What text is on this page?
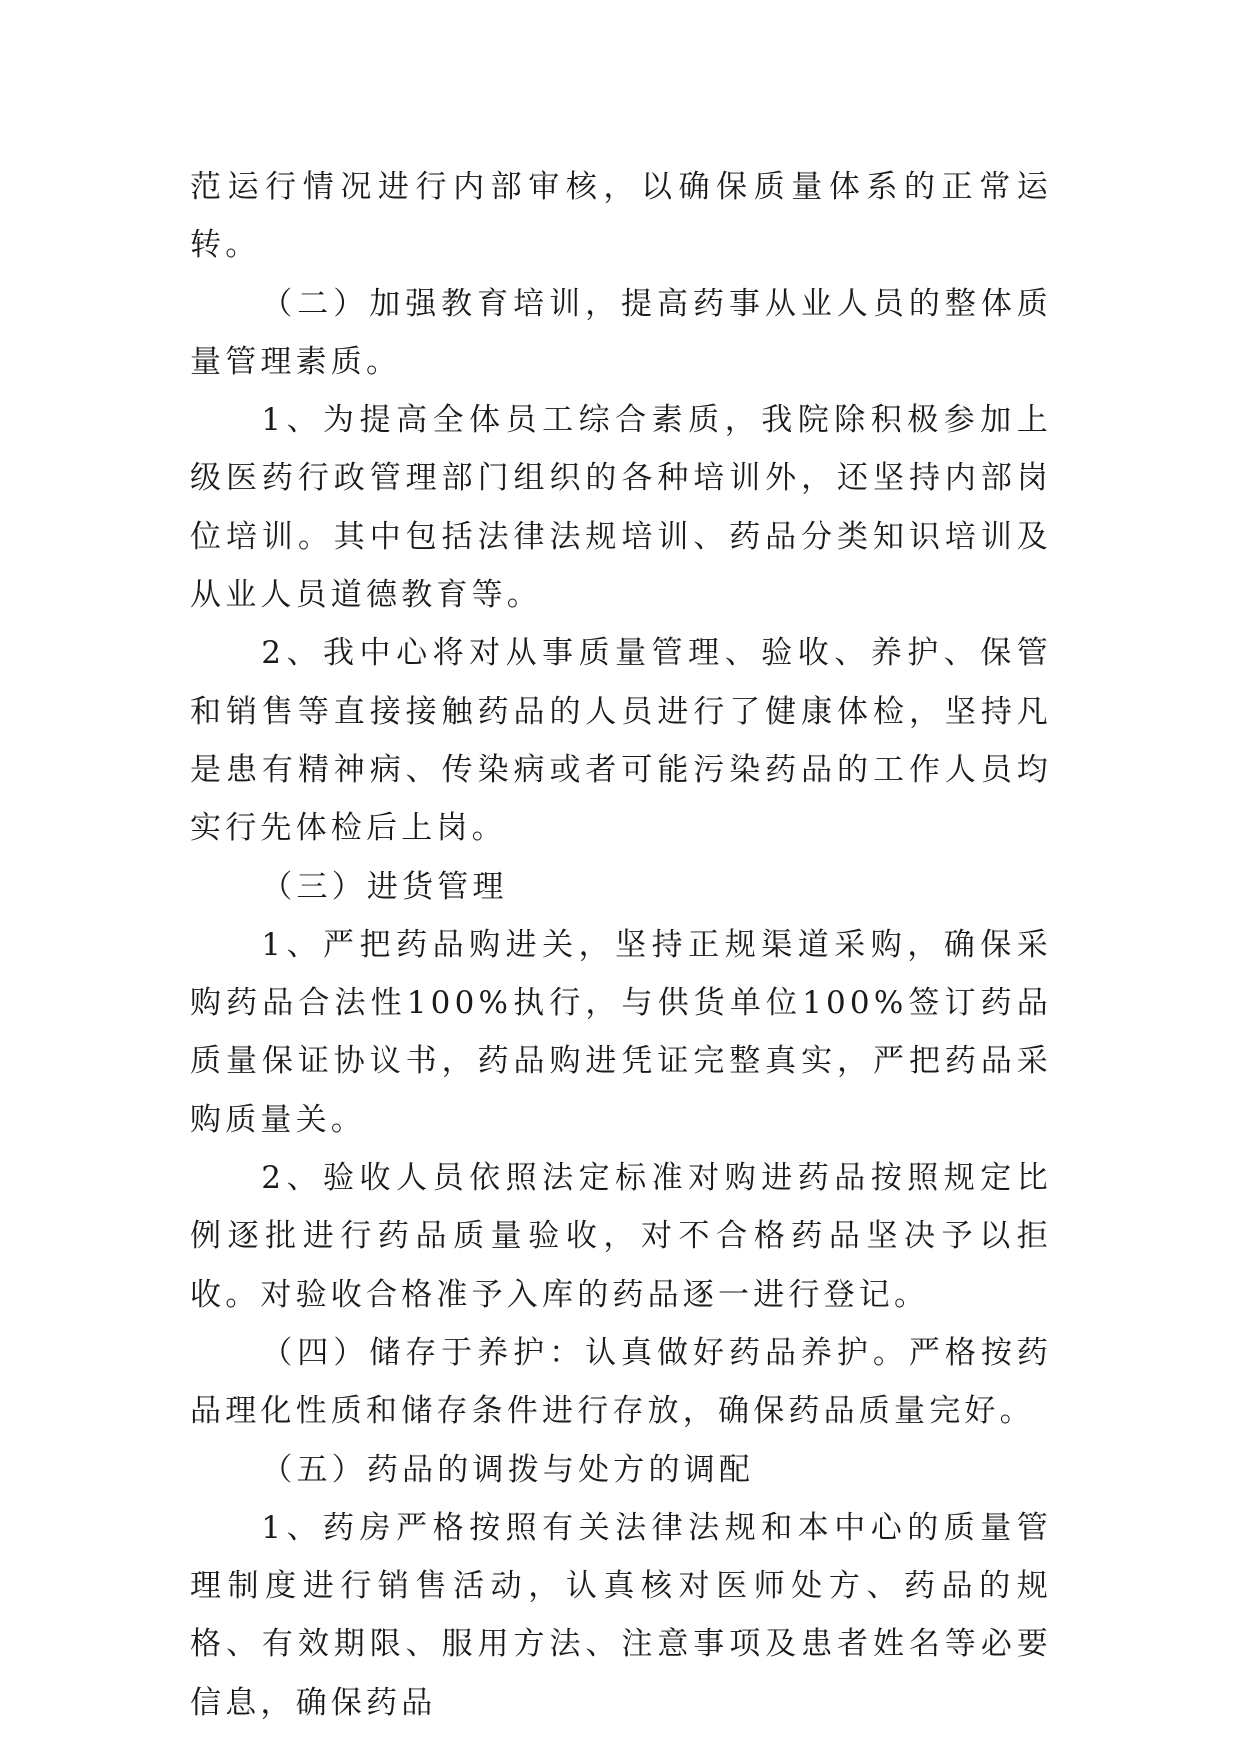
范运行情况进行内部审核，以确保质量体系的正常运转。

（二）加强教育培训，提高药事从业人员的整体质量管理素质。

1、为提高全体员工综合素质，我院除积极参加上级医药行政管理部门组织的各种培训外，还坚持内部岗位培训。其中包括法律法规培训、药品分类知识培训及从业人员道德教育等。

2、我中心将对从事质量管理、验收、养护、保管和销售等直接接触药品的人员进行了健康体检，坚持凡是患有精神病、传染病或者可能污染药品的工作人员均实行先体检后上岗。

（三）进货管理

1、严把药品购进关，坚持正规渠道采购，确保采购药品合法性100%执行，与供货单位100%签订药品质量保证协议书，药品购进凭证完整真实，严把药品采购质量关。

2、验收人员依照法定标准对购进药品按照规定比例逐批进行药品质量验收，对不合格药品坚决予以拒收。对验收合格准予入库的药品逐一进行登记。

（四）储存于养护：认真做好药品养护。严格按药品理化性质和储存条件进行存放，确保药品质量完好。

（五）药品的调拨与处方的调配

1、药房严格按照有关法律法规和本中心的质量管理制度进行销售活动，认真核对医师处方、药品的规格、有效期限、服用方法、注意事项及患者姓名等必要信息，确保药品
